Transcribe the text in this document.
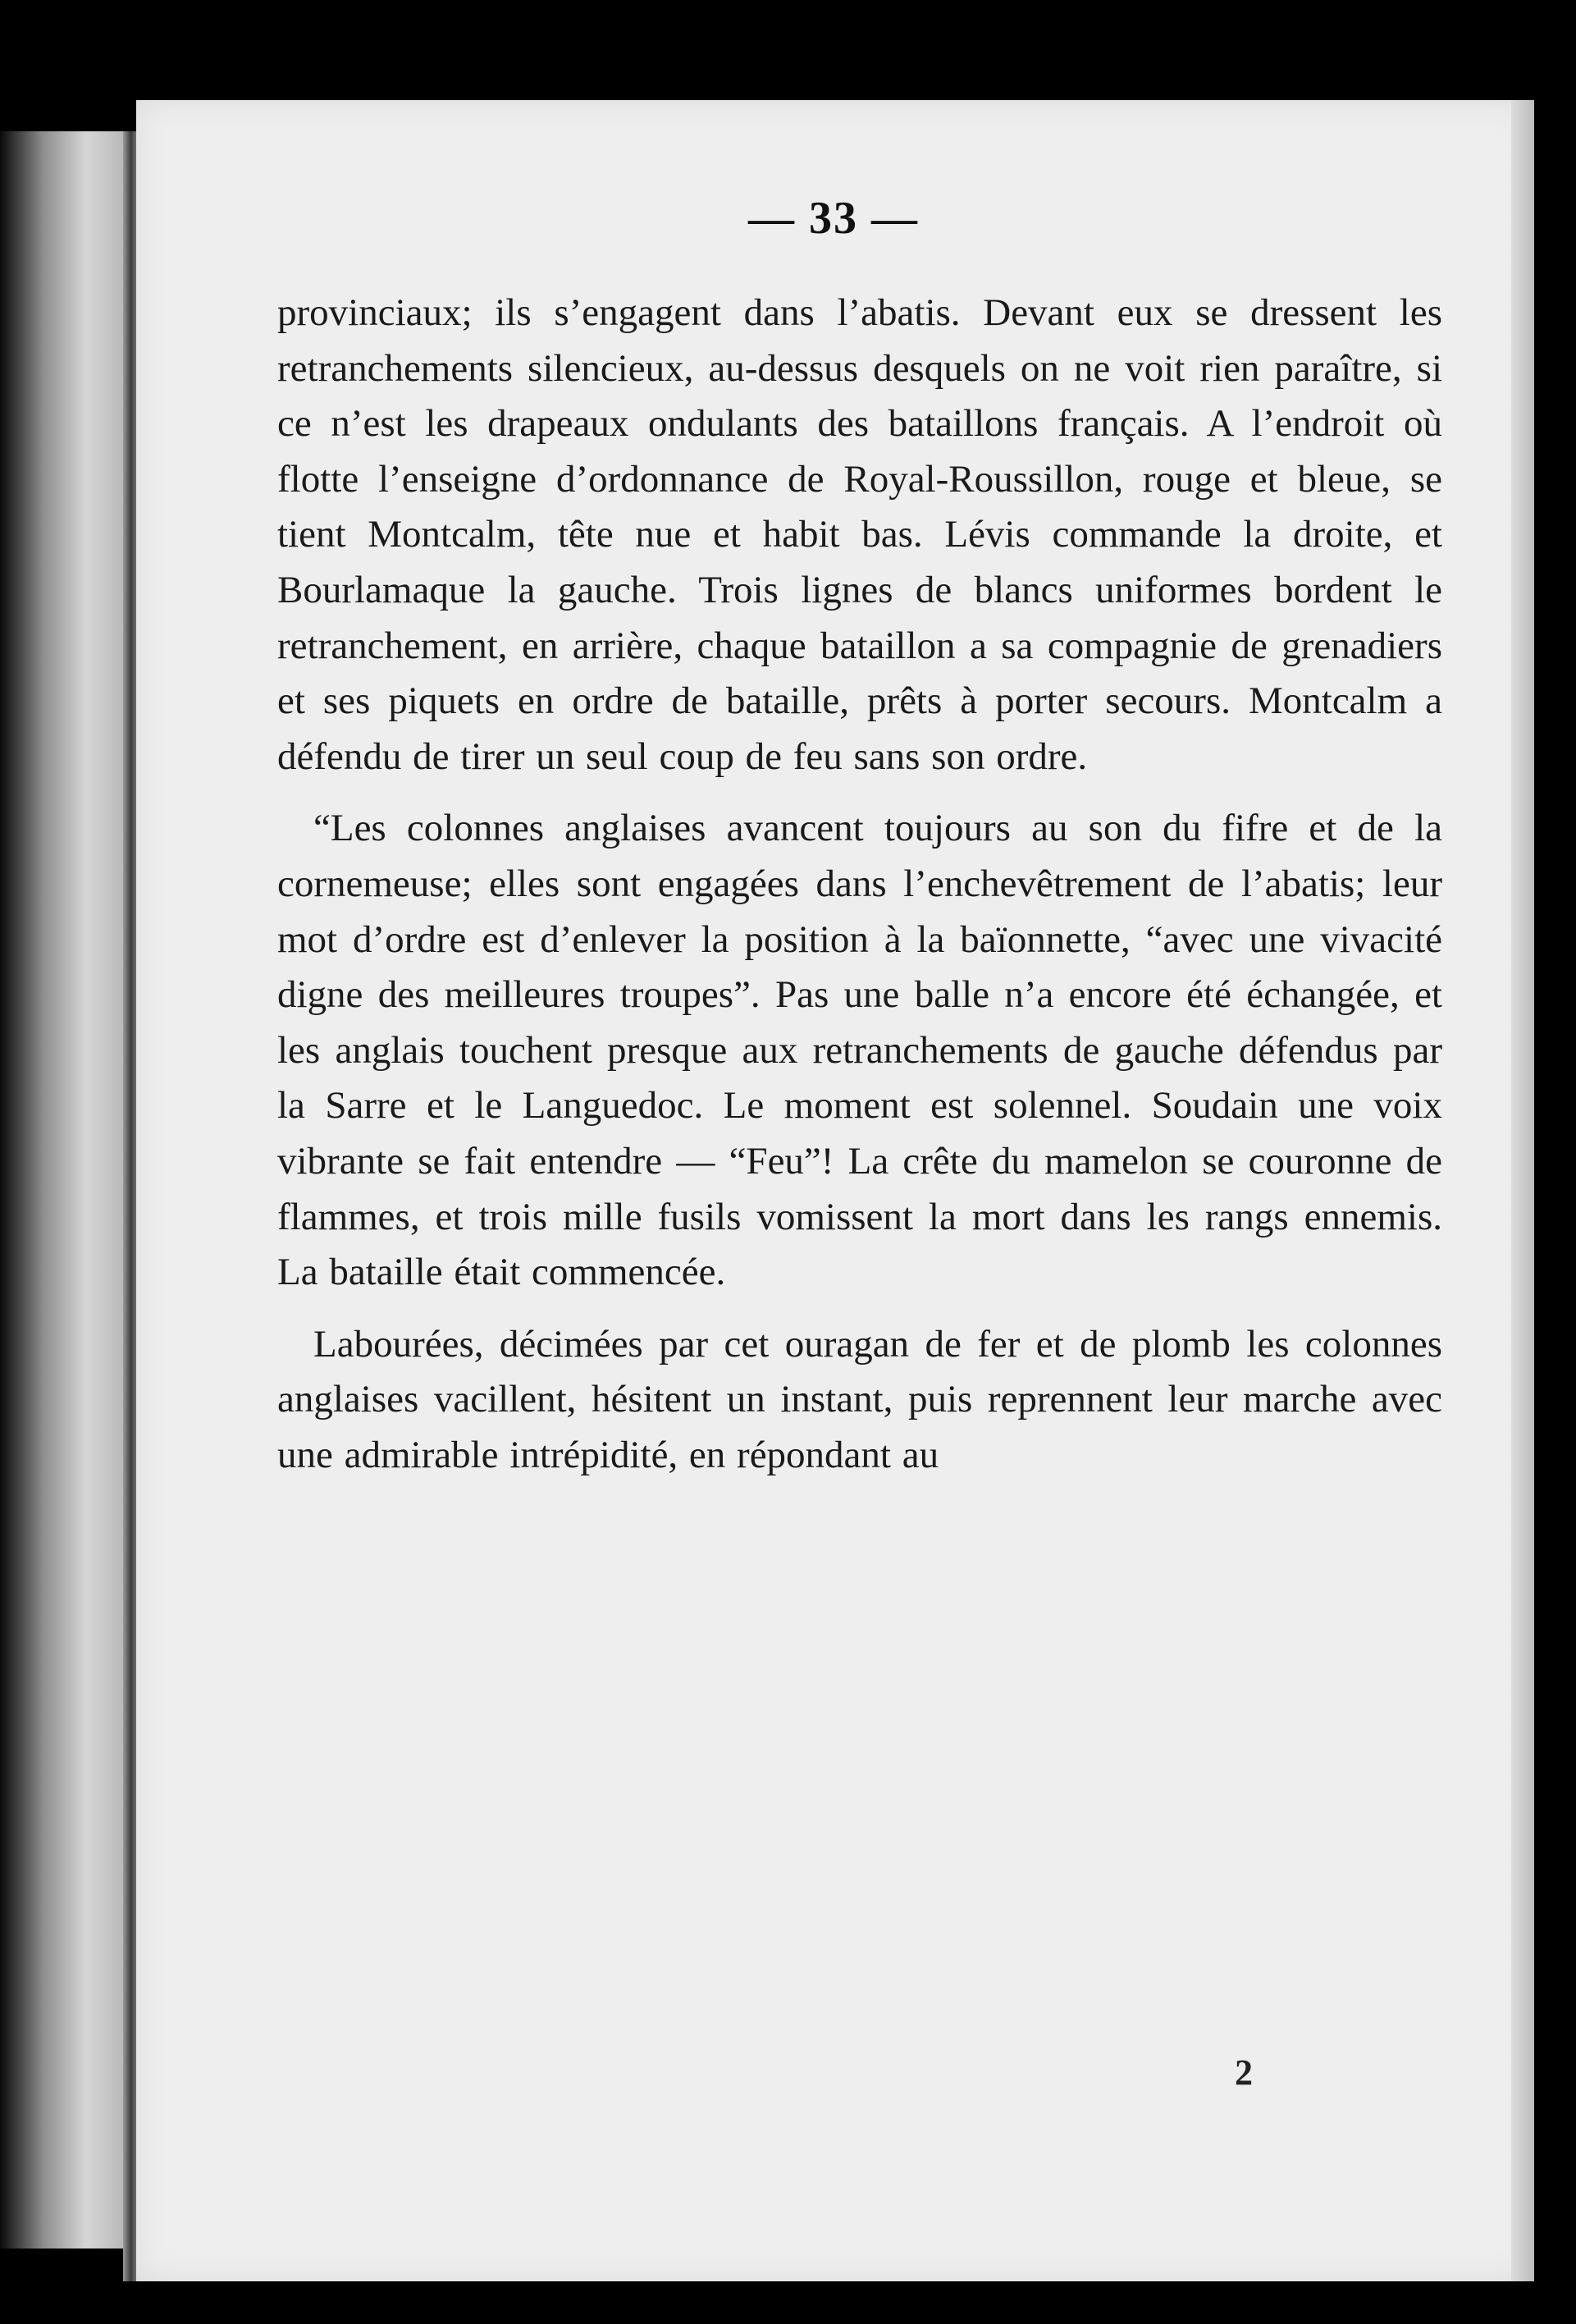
— 33 —

provinciaux; ils s’engagent dans l’abatis. Devant eux se dressent les retranchements silencieux, au-dessus desquels on ne voit rien paraître, si ce n’est les drapeaux ondulants des bataillons français. A l’endroit où flotte l’enseigne d’ordonnance de Royal-Roussillon, rouge et bleue, se tient Montcalm, tête nue et habit bas. Lévis commande la droite, et Bourlamaque la gauche. Trois lignes de blancs uniformes bordent le retranchement, en arrière, chaque bataillon a sa compagnie de grenadiers et ses piquets en ordre de bataille, prêts à porter secours. Montcalm a défendu de tirer un seul coup de feu sans son ordre.

“Les colonnes anglaises avancent toujours au son du fifre et de la cornemeuse; elles sont engagées dans l’enchevêtrement de l’abatis; leur mot d’ordre est d’enlever la position à la baïonnette, “avec une vivacité digne des meilleures troupes”. Pas une balle n’a encore été échangée, et les anglais touchent presque aux retranchements de gauche défendus par la Sarre et le Languedoc. Le moment est solennel. Soudain une voix vibrante se fait entendre — “Feu”! La crête du mamelon se couronne de flammes, et trois mille fusils vomissent la mort dans les rangs ennemis. La bataille était commencée.

Labourées, décimées par cet ouragan de fer et de plomb les colonnes anglaises vacillent, hésitent un instant, puis reprennent leur marche avec une admirable intrépidité, en répondant au

2
